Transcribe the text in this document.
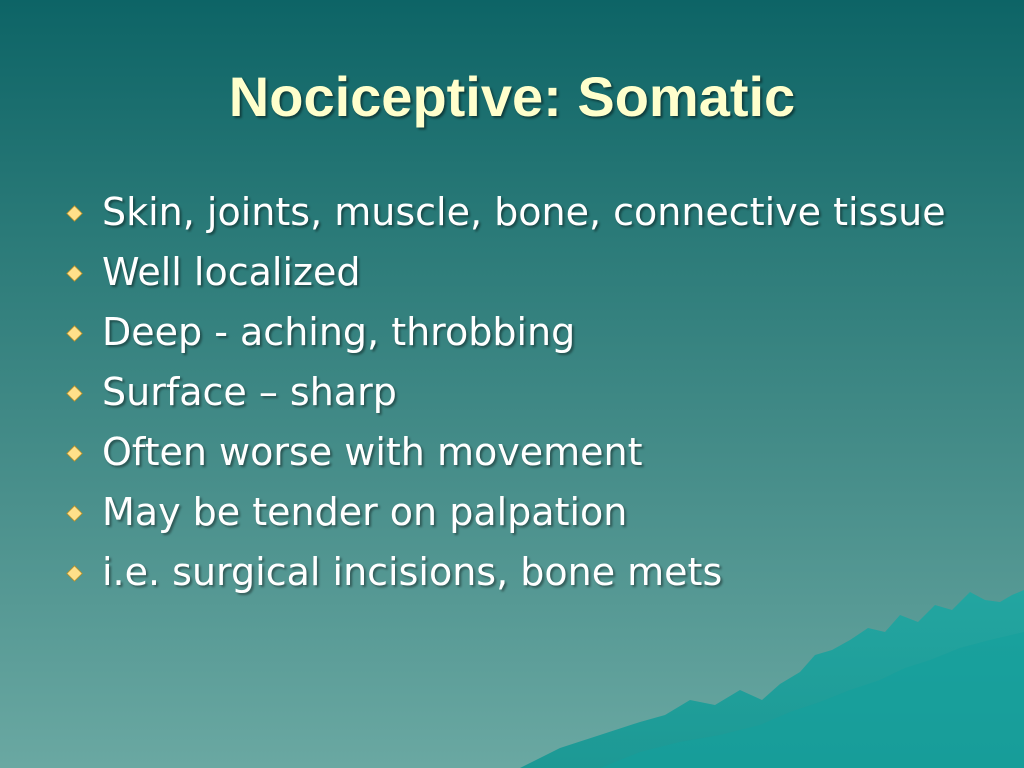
Nociceptive: Somatic
Skin, joints, muscle, bone, connective tissue
Well localized
Deep - aching, throbbing
Surface – sharp
Often worse with movement
May be tender on palpation
i.e. surgical incisions, bone mets
